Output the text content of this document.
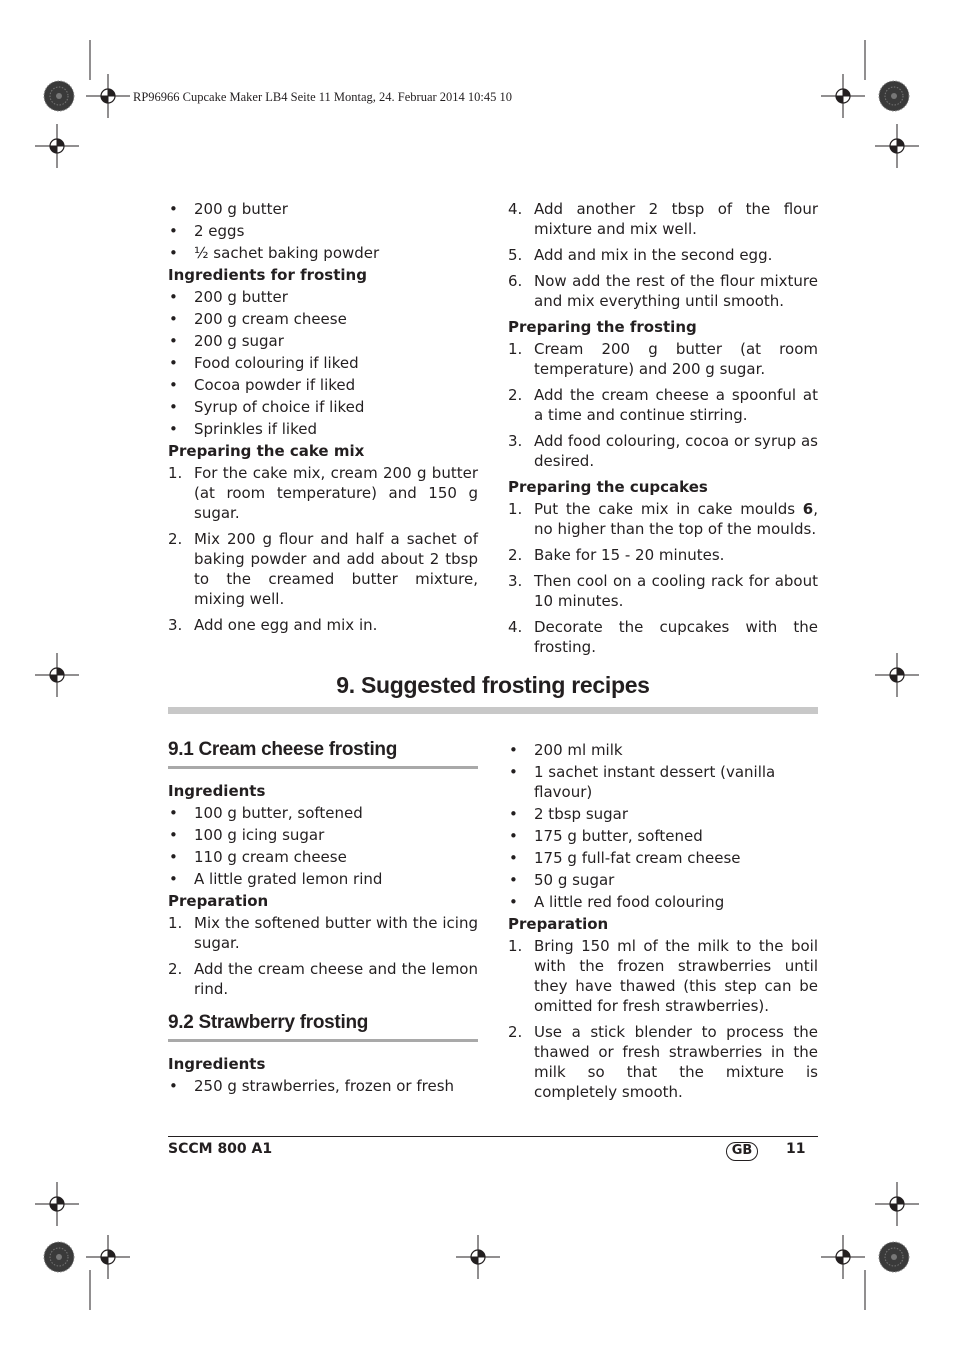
RP96966 Cupcake Maker LB4 Seite 11 Montag, 24. Februar 2014 10:45 10
• 200 g butter
• 2 eggs
• ½ sachet baking powder
Ingredients for frosting
• 200 g butter
• 200 g cream cheese
• 200 g sugar
• Food colouring if liked
• Cocoa powder if liked
• Syrup of choice if liked
• Sprinkles if liked
Preparing the cake mix
1. For the cake mix, cream 200 g butter (at room temperature) and 150 g sugar.
2. Mix 200 g flour and half a sachet of baking powder and add about 2 tbsp to the creamed butter mixture, mixing well.
3. Add one egg and mix in.
4. Add another 2 tbsp of the flour mixture and mix well.
5. Add and mix in the second egg.
6. Now add the rest of the flour mixture and mix everything until smooth.
Preparing the frosting
1. Cream 200 g butter (at room temperature) and 200 g sugar.
2. Add the cream cheese a spoonful at a time and continue stirring.
3. Add food colouring, cocoa or syrup as desired.
Preparing the cupcakes
1. Put the cake mix in cake moulds 6, no higher than the top of the moulds.
2. Bake for 15 - 20 minutes.
3. Then cool on a cooling rack for about 10 minutes.
4. Decorate the cupcakes with the frosting.
9. Suggested frosting recipes
9.1 Cream cheese frosting
Ingredients
• 100 g butter, softened
• 100 g icing sugar
• 110 g cream cheese
• A little grated lemon rind
Preparation
1. Mix the softened butter with the icing sugar.
2. Add the cream cheese and the lemon rind.
9.2 Strawberry frosting
Ingredients
• 250 g strawberries, frozen or fresh
• 200 ml milk
• 1 sachet instant dessert (vanilla flavour)
• 2 tbsp sugar
• 175 g butter, softened
• 175 g full-fat cream cheese
• 50 g sugar
• A little red food colouring
Preparation
1. Bring 150 ml of the milk to the boil with the frozen strawberries until they have thawed (this step can be omitted for fresh strawberries).
2. Use a stick blender to process the thawed or fresh strawberries in the milk so that the mixture is completely smooth.
SCCM 800 A1	GB	11
